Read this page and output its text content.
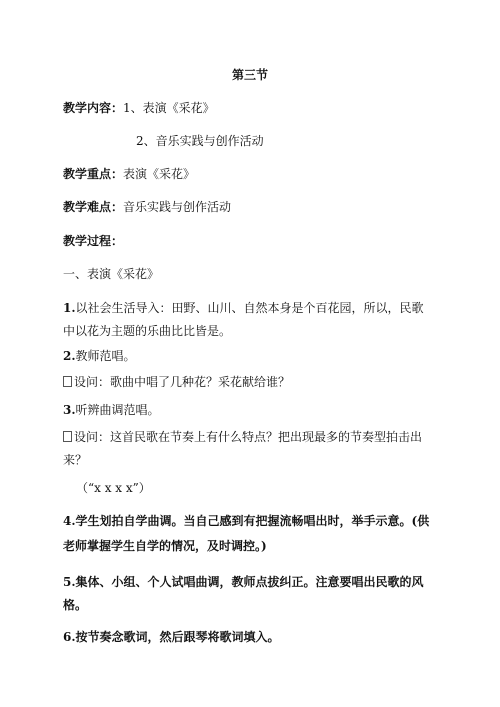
第三节
教学内容：1、表演《采花》
2、音乐实践与创作活动
教学重点：表演《采花》
教学难点：音乐实践与创作活动
教学过程：
一、表演《采花》
1.以社会生活导入：田野、山川、自然本身是个百花园，所以，民歌
中以花为主题的乐曲比比皆是。
2.教师范唱。
设问：歌曲中唱了几种花？采花献给谁？
3.听辨曲调范唱。
设问：这首民歌在节奏上有什么特点？把出现最多的节奏型拍击出
来？
（“x x x x”）
4.学生划拍自学曲调。当自己感到有把握流畅唱出时，举手示意。(供
老师掌握学生自学的情况，及时调控。)
5.集体、小组、个人试唱曲调，教师点拔纠正。注意要唱出民歌的风
格。
6.按节奏念歌词，然后跟琴将歌词填入。
